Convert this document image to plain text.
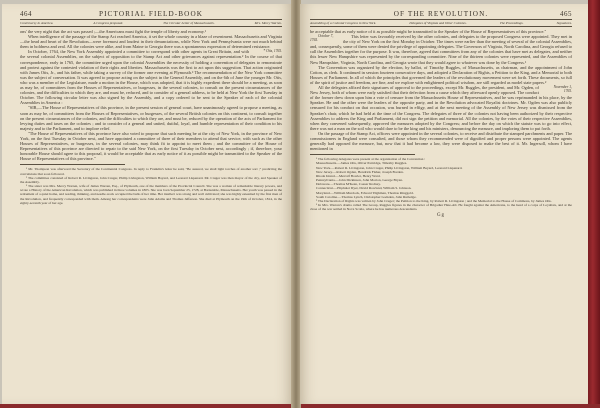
464	PICTORIAL FIELD-BOOK
Controversy in America.	A Congress proposed.	The Circular Letter of Massachusetts.	Mrs. Mercy Warren.

ons' the very night that the act was passed ;—the Americans must fight the temple of liberty and economy.¹

When intelligence of the passage of the Stamp Act reached America, it set the whole country in a blaze of resentment. Massachusetts and Virginia—the head and heart of the Revolution—were foremost and loudest in their denunciations, while New York and Pennsylvania were not much behind them in boldness and zeal. All the colonies were alike, and from Maine to Georgia there was a spontaneous expression of determined resistance.

* Otis, 1765.
In October, 1764, the New York Assembly appointed a committee to correspond with other agents in Great Britain, and with the several colonial Assemblies, on the subject of opposition to the Stamp Act and other grievances against representation.² In the course of that correspondence, early in 1765, the committee urged upon the colonial Assemblies the necessity of holding a convention of delegates to remonstrate and protest against the contested violation of their rights and liberties. Massachusetts was the first to act upon this suggestion. That action originated with James Otis, Jr., and his father, while taking a survey of the former one evening at Plymouth.³ The recommendation of the New York committee was the subject of conversation. It was agreed to propose acting on the subject in the General Assembly, and on the 6th of June the younger Mr. Otis, who was a member of the Legislature, made a motion in the House, which was adopted, that it is highly expedient there should be a meeting, as soon as may be, of committees from the Houses of Representatives, or burgesses, in the several colonies, to consult on the present circumstances of the colonies, and the difficulties to which they are, and must be, reduced, and to consider of a general address, to be held at New York the first Tuesday in October. The following circular letter was also signed by the Assembly, and a copy ordered to be sent to the Speaker of each of the colonial Assemblies in America :

"SIR,—The House of Representatives of this province, in the present session of general court, have unanimously agreed to propose a meeting, as soon as may be, of committees from the Houses of Representatives, or burgesses, of the several British colonies on this continent, to consult together on the present circumstances of the colonies, and the difficulties to which they are, and must be, reduced by the operation of the acts of Parliament for levying duties and taxes on the colonies ; and to consider of a general and united, dutiful, loyal, and humble representation of their condition to his majesty and to the Parliament, and to implore relief.

"The House of Representatives of this province have also voted to propose that such meeting be at the city of New York, in the province of New York, on the first Tuesday in October next, and have appointed a committee of three of their members to attend that service, with such as the other Houses of Representatives, or burgesses, in the several colonies, may think fit to appoint to meet them ; and the committee of the House of Representatives of this province are directed to repair to the said New York, on the first Tuesday in October next, accordingly ; if, therefore, your honorable House should agree to this proposal, it would be acceptable that as early notice of it as possible might be transmitted to the Speaker of the House of Representatives of this province."

¹ Mr. Thompson was afterward the Secretary of the Continental Congress. In reply to Franklin's letter he said, "Be assured, we shall light torches of another sort ;" predicting the convulsions that soon followed.

² The committee consisted of Robert R. Livingston, John Cruger, Philip Livingston, William Bayard, and Leonard Lispenard. Mr. Cruger was then mayor of the city, and Speaker of the Assembly.

³ The sister was Mrs. Mercy Warren, wife of James Warren, Esq., of Plymouth, one of the members of the Provincial Council. She was a woman of remarkable literary powers, and wrote a History of the American Revolution, which was published in three volumes in 1805. She was born September 25, 1728, at Barnstable, Massachusetts. Her youth was passed in the retirement of a quiet home, and reading, thinking, and needle-work occupied the bulk of her time. Her intellect was strong and well cultivated; she was highly esteemed by the first men of the Revolution, and frequently corresponded with them. Among her correspondents were John Adams and Thomas Jefferson. She died at Plymouth on the 19th of October, 1814, in the eighty-seventh year of her age.

OF THE REVOLUTION.	465
Assembling of a Colonial Congress in New York.	Delegates of Virginia and Other Colonies.	The Proceedings.	Signatures.

be acceptable that as early notice of it as possible might be transmitted to the Speaker of the House of Representatives of this province."

October 7, 1765.
This letter was favorably received by the other colonies, and delegates to the proposed Congress were appointed. They met in the city of New York on the first Monday in October. The times were earlier than the meeting of several of the colonial Assemblies, and, consequently, some of them were denied the privilege of appointing delegates. The Governors of Virginia, North Carolina, and Georgia refused to call the Assemblies together for the purpose. It was, therefore, agreed that committees from any of the colonies that have met as delegates, and neither this lesser New Hampshire was represented by the corresponding committee. Nine of the thirteen colonies were represented, and the Assemblies of New Hampshire, Virginia, North Carolina, and Georgia wrote that they would agree to whatever was done by the Congress.¹

The Convention was organized by the election, by ballot, of Timothy Ruggles, of Massachusetts, as chairman, and the appointment of John Cotton, as clerk. It continued in session fourteen consecutive days, and adopted a Declaration of Rights, a Petition to the King, and a Memorial to both Houses of Parliament. In all of which the principles that governed the leaders of the revolutionary movement were set forth. These documents, so full of the spirit of justice and freedom, are fine, and we explore with enlightened political wisdom, are still regarded as model state papers.²

November 1, 1765.
All the delegates affixed their signatures of approval to the proceedings, except Mr. Ruggles, the president, and Mr. Ogden, of New Jersey, both of whom were early satisfied that their defection from a cause which they afterward openly opposed. The conduct of the former drew down upon him a vote of censure from the Massachusetts House of Representatives, and he was reprimanded in his place, by the Speaker. He and the other were the leaders of the opposite party, and in the Revolution advocated Royalist doctrines. Mr. Ogden was also publicly censured for his conduct on that occasion, was burned in effigy, and at the next meeting of the Assembly of New Jersey was dismissed from the Speaker's chair, which he had held at the time of the Congress. The delegates of three of the colonies not having been authorized by their respective Assemblies to address the King and Parliament, did not sign the petition and memorial. All the colonies, by the votes of their respective Assemblies, when they convened subsequently, approved the measures adopted by the Congress; and before the day on which the statute was to go into effect, there was not a man on the soil who would dare to be the king and his ministers, denouncing the measure, and imploring them to put forth.

On the passage of the Stamp Act, officers were appointed in the several colonies, to receive and distribute the stamped parchments and paper. The commissioners in England were consulted, and those whom they recommended were of dignified and proper persons were appointed. The agents generally had opposed the measure, but, now that it had become a law, they were disposed to make the best of it. Mr. Ingersoll, whom I have mentioned in

¹ The following delegates were present at the organization of the Convention :

Massachusetts.—James Otis, Oliver Partridge, Timothy Ruggles.

New York.—Robert R. Livingston, John Cruger, Philip Livingston, William Bayard, Leonard Lispenard.

New Jersey.—Robert Ogden, Hendrick Fisher, Joseph Borden.

Rhode Island.—Metcalf Bowler, Henry Ward.

Pennsylvania.—John Dickinson, John Morton, George Bryan.

Delaware.—Thomas M'Kean, Caesar Rodney.

Connecticut.—Eliphalet Dyer, David Rowland, William S. Johnson.

Maryland.—William Murdock, Edward Tilghman, Thomas Ringgold.

South Carolina.—Thomas Lynch, Christopher Gadsden, John Rutledge.

² The Declaration of Rights was written by John Cruger; the Petition to the King, by Robert R. Livingston ; and the Memorial to the House of Commons, by James Otis.

³ In Mrs. Warren's drama called The Group, Ruggles figures in the character of Brigadier Hate-All. He fought against the Americans, to the head of a corps of Loyalists, and at the close of the war settled in Nova Scotia, where he has numerous descendants.

Gg
